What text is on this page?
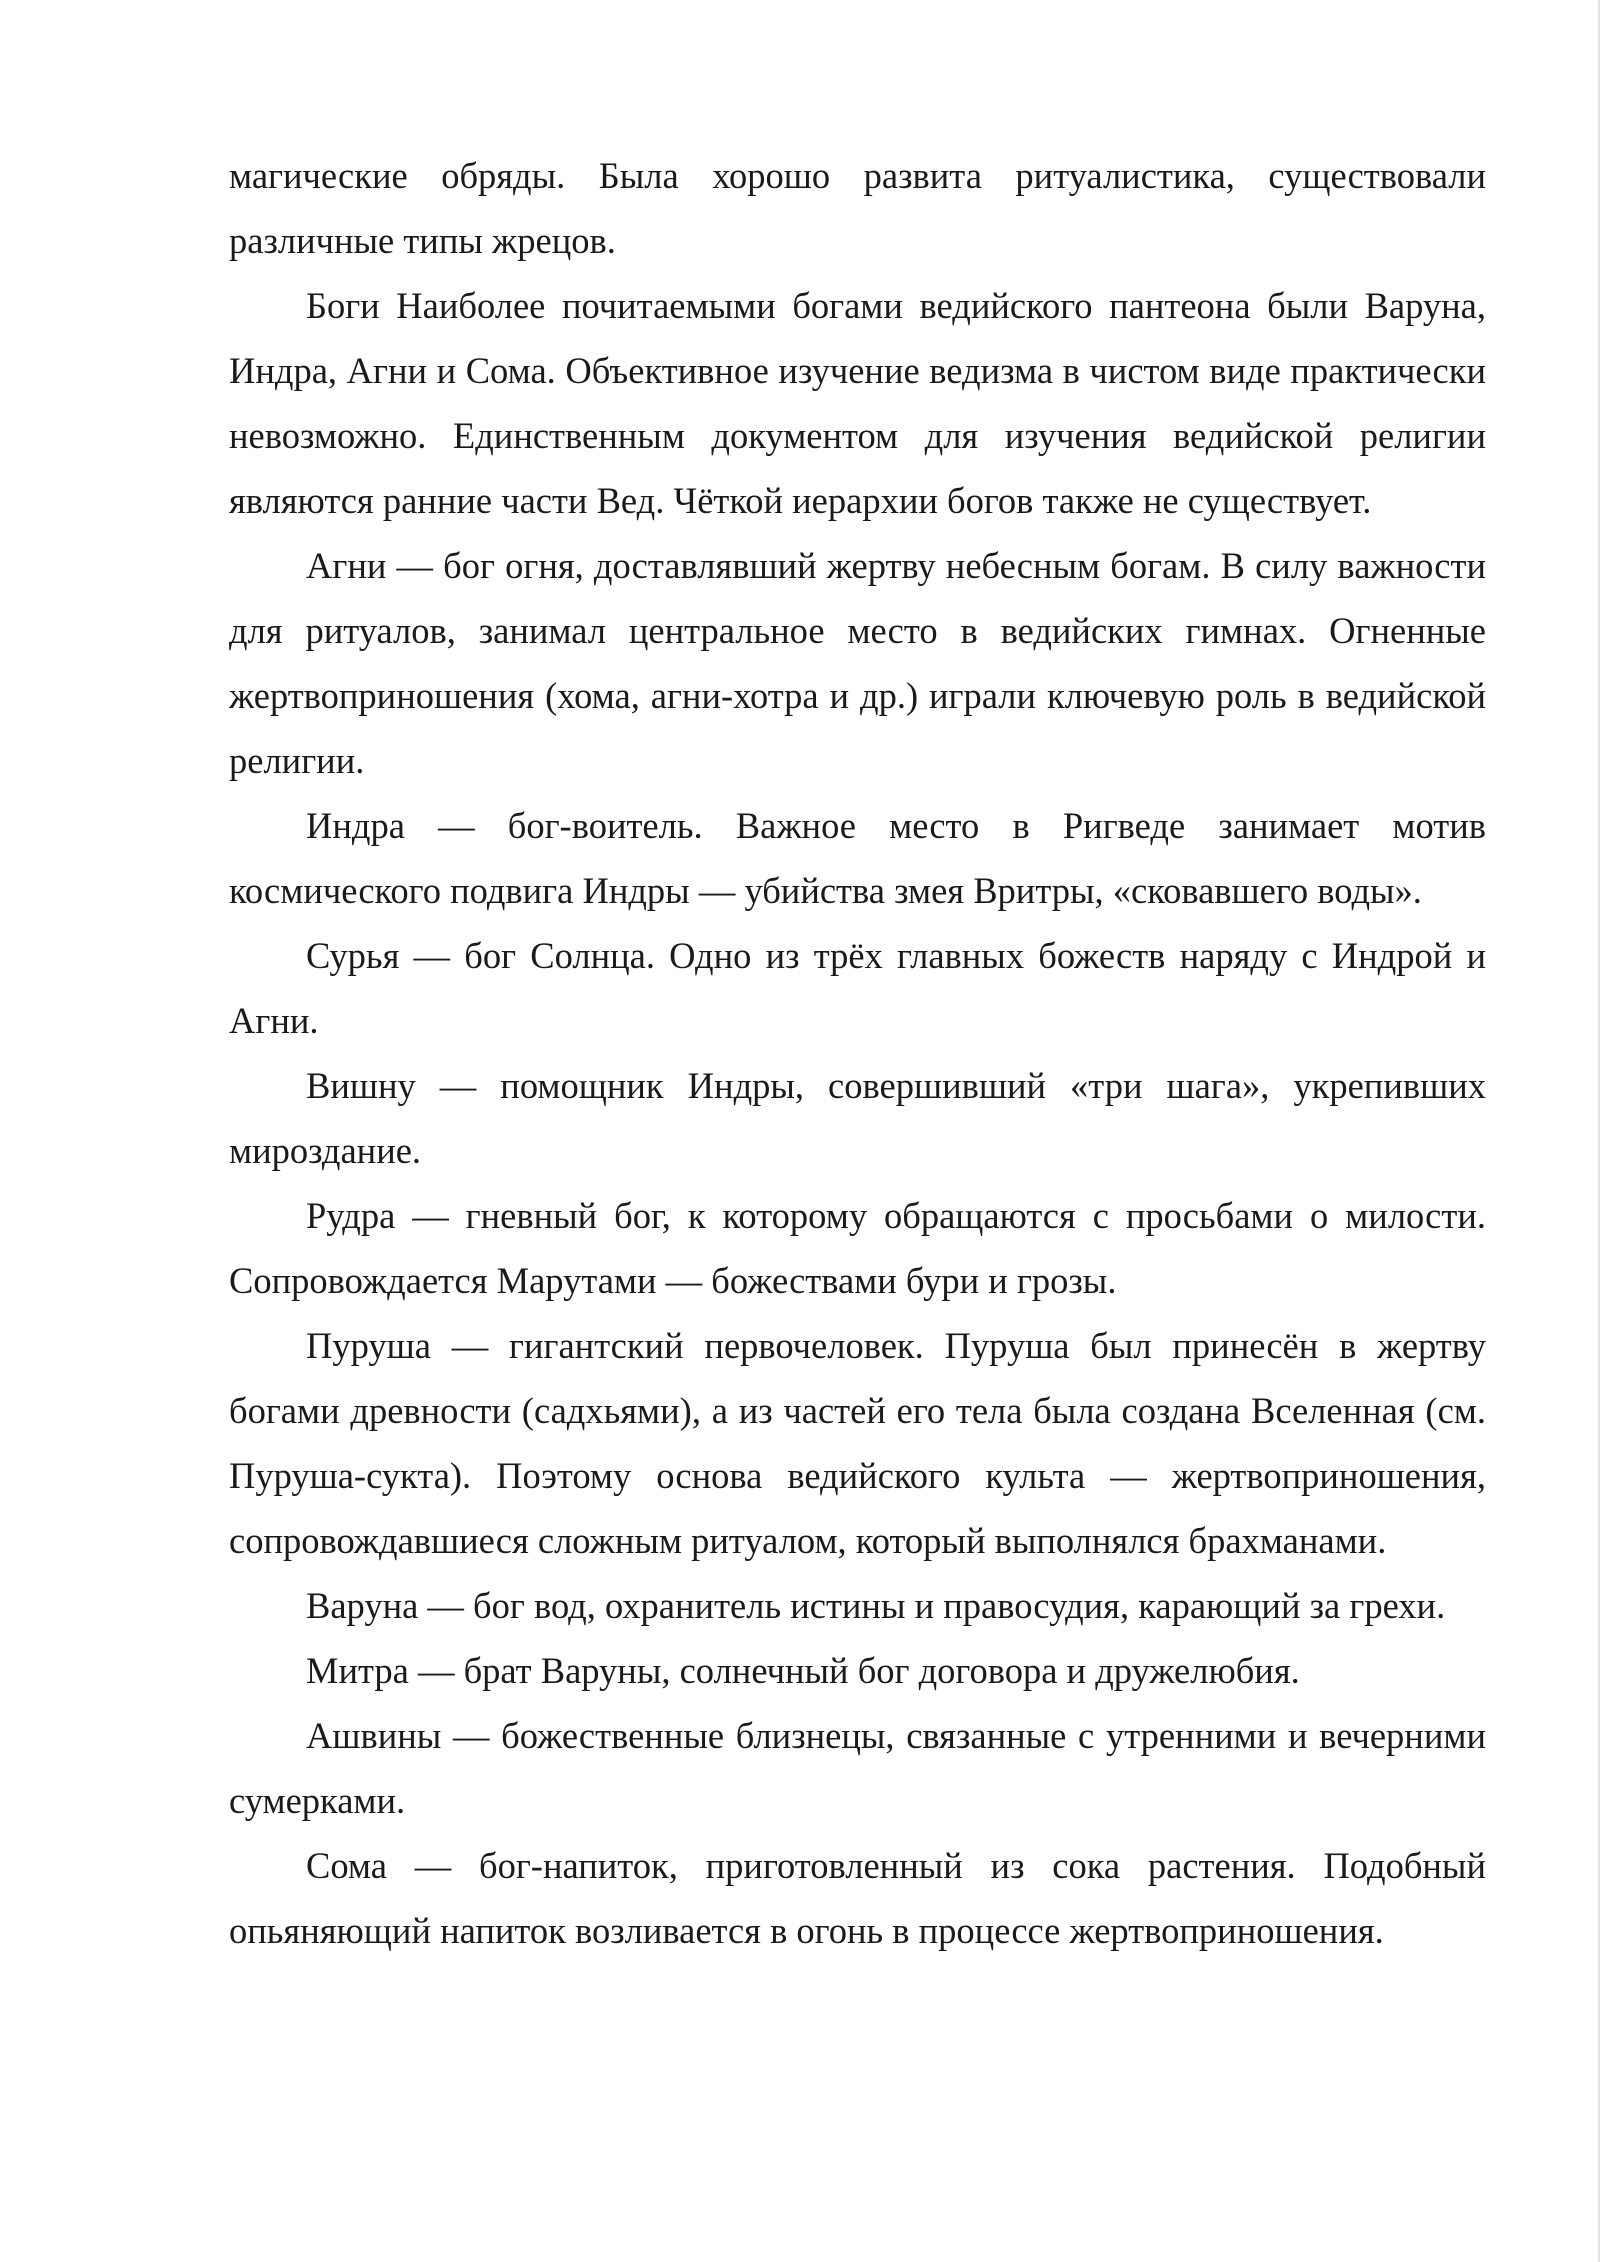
магические обряды. Была хорошо развита ритуалистика, существовали различные типы жрецов.

Боги Наиболее почитаемыми богами ведийского пантеона были Варуна, Индра, Агни и Сома. Объективное изучение ведизма в чистом виде практически невозможно. Единственным документом для изучения ведийской религии являются ранние части Вед. Чёткой иерархии богов также не существует.

Агни — бог огня, доставлявший жертву небесным богам. В силу важности для ритуалов, занимал центральное место в ведийских гимнах. Огненные жертвоприношения (хома, агни-хотра и др.) играли ключевую роль в ведийской религии.

Индра — бог-воитель. Важное место в Ригведе занимает мотив космического подвига Индры — убийства змея Вритры, «сковавшего воды».

Сурья — бог Солнца. Одно из трёх главных божеств наряду с Индрой и Агни.

Вишну — помощник Индры, совершивший «три шага», укрепивших мироздание.

Рудра — гневный бог, к которому обращаются с просьбами о милости. Сопровождается Марутами — божествами бури и грозы.

Пуруша — гигантский первочеловек. Пуруша был принесён в жертву богами древности (садхьями), а из частей его тела была создана Вселенная (см. Пуруша-сукта). Поэтому основа ведийского культа — жертвоприношения, сопровождавшиеся сложным ритуалом, который выполнялся брахманами.

Варуна — бог вод, охранитель истины и правосудия, карающий за грехи.

Митра — брат Варуны, солнечный бог договора и дружелюбия.

Ашвины — божественные близнецы, связанные с утренними и вечерними сумерками.

Сома — бог-напиток, приготовленный из сока растения. Подобный опьяняющий напиток возливается в огонь в процессе жертвоприношения.
